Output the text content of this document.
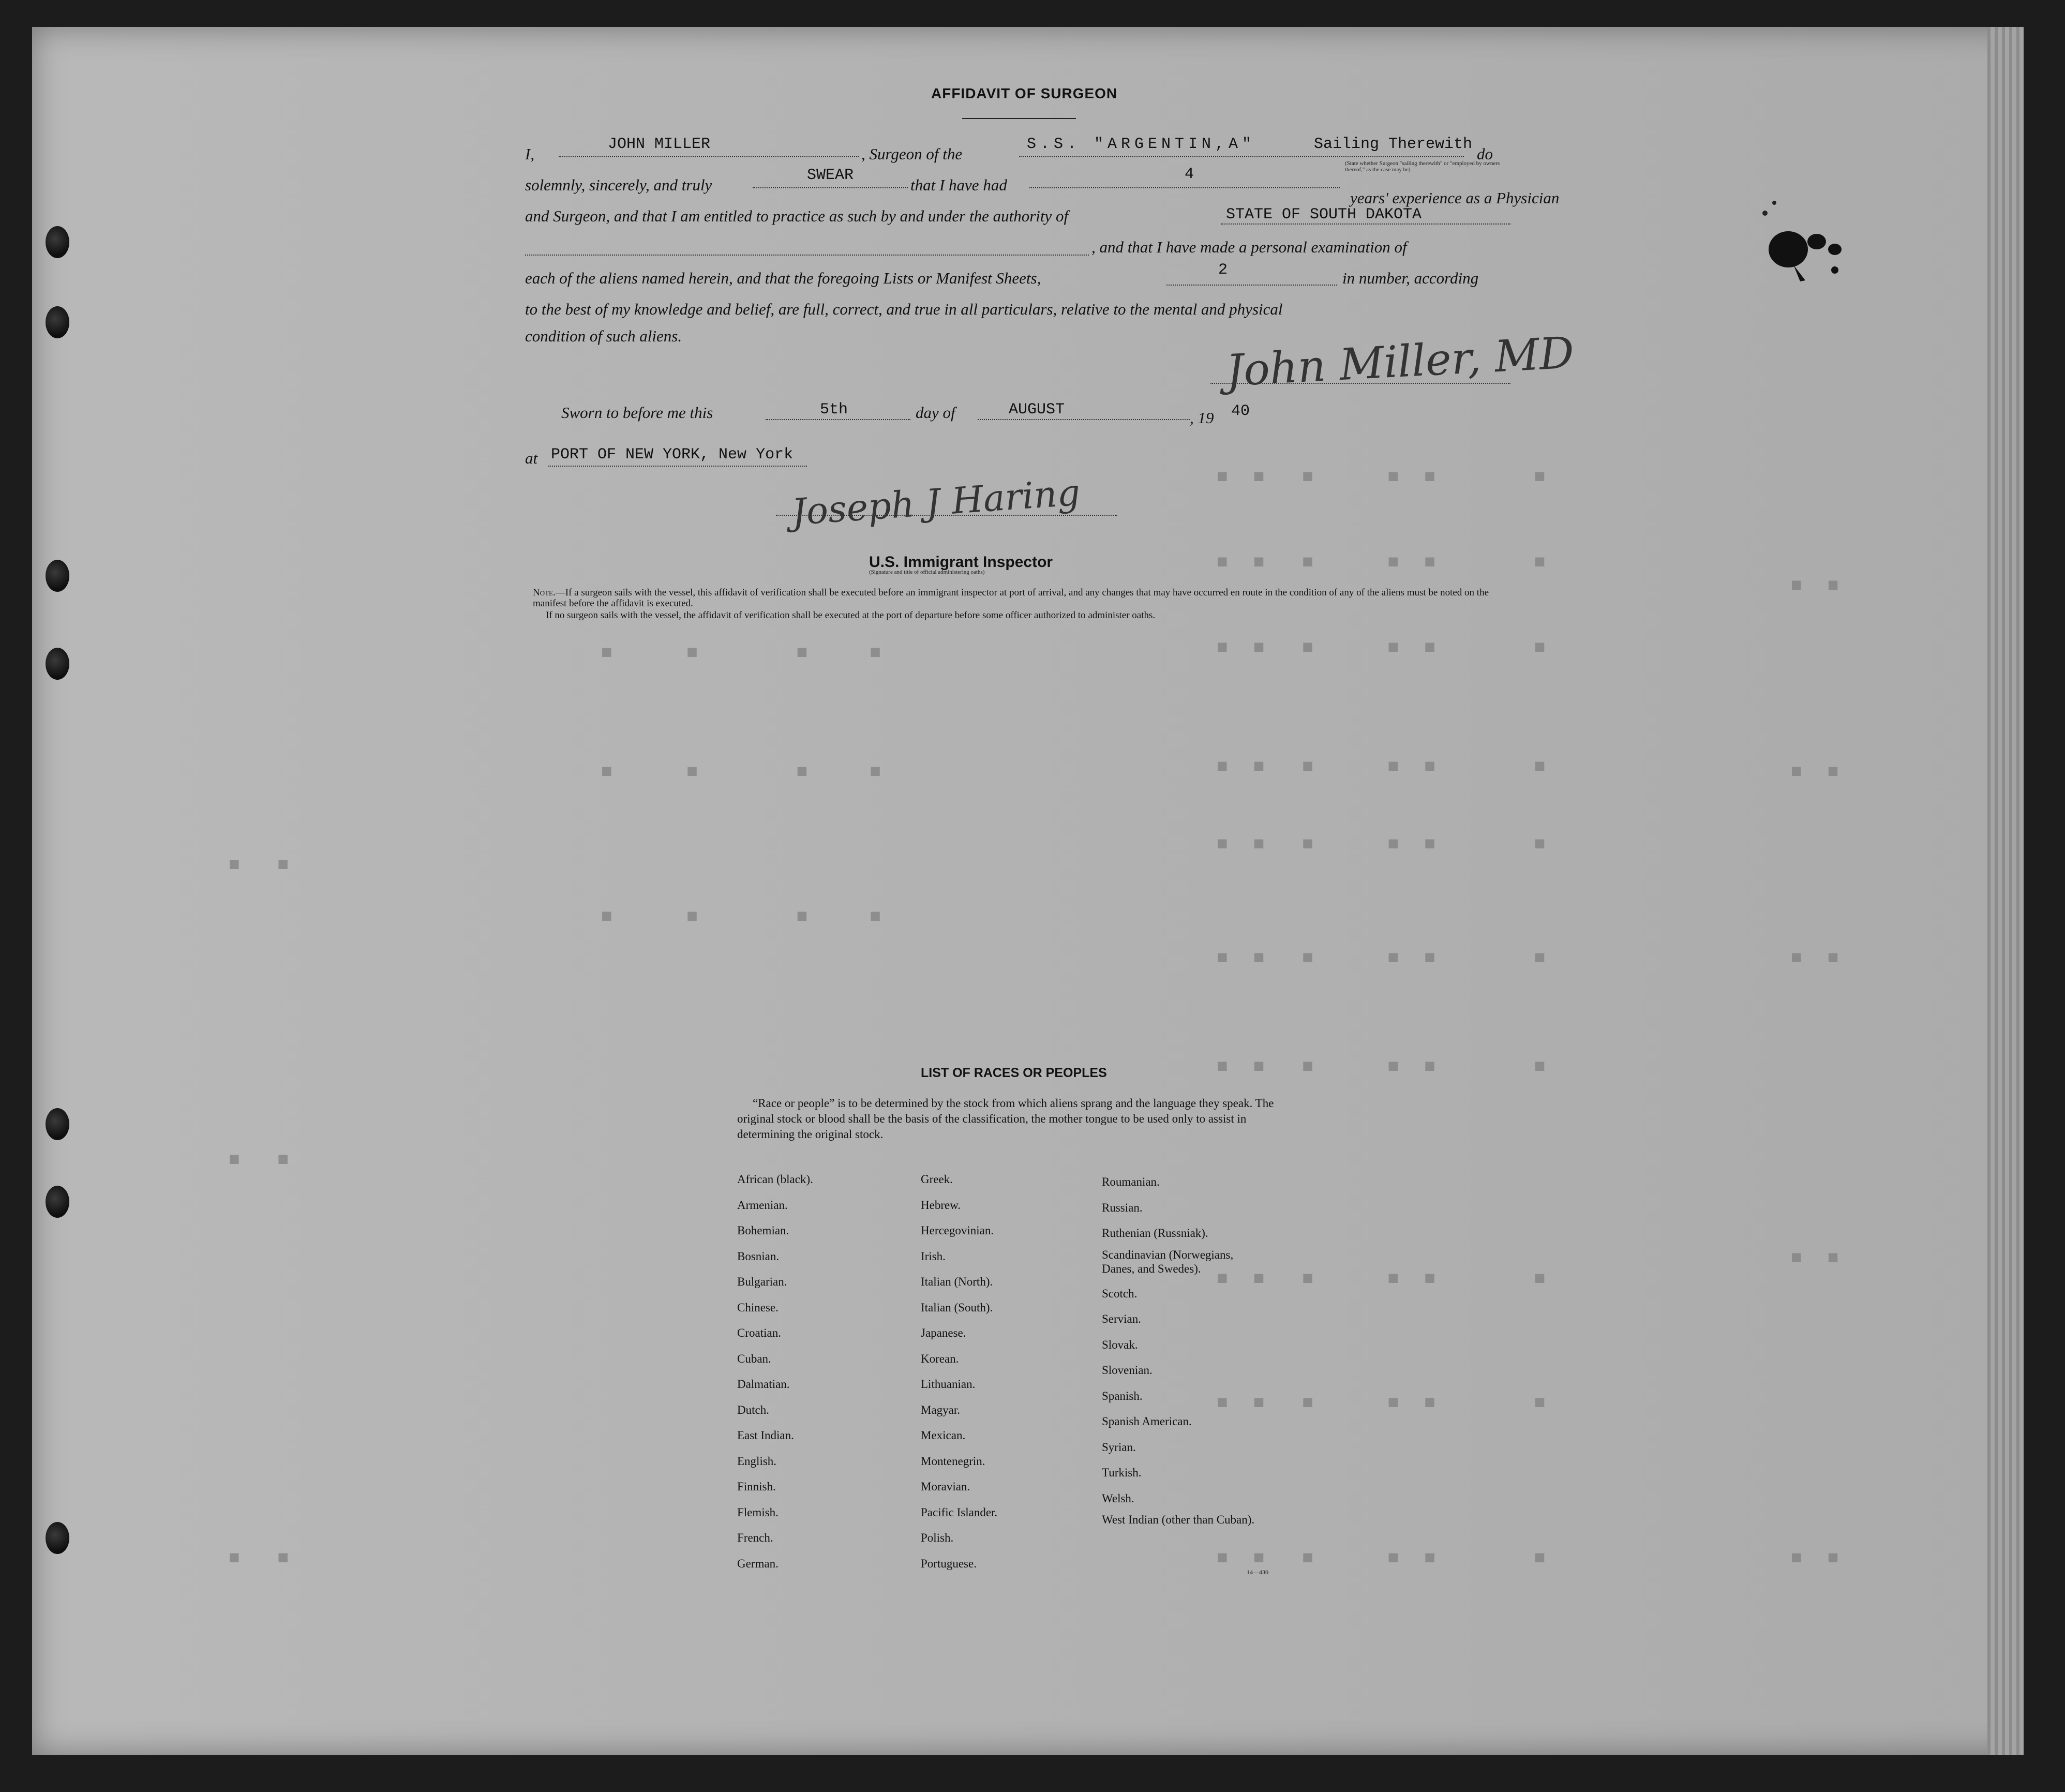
■  ■   ■      ■  ■        ■
■  ■   ■      ■  ■        ■
■  ■   ■      ■  ■        ■
■      ■        ■     ■
■  ■   ■      ■  ■        ■
■      ■        ■     ■
■  ■   ■      ■  ■        ■
■      ■        ■     ■
■  ■   ■      ■  ■        ■
■  ■   ■      ■  ■        ■
■  ■   ■      ■  ■        ■
■  ■   ■      ■  ■        ■
■  ■   ■      ■  ■        ■
■  ■
■  ■
■  ■
■  ■
■  ■
■   ■
■   ■
■   ■
AFFIDAVIT OF SURGEON
I,
JOHN MILLER
, Surgeon of the
S.S. "ARGENTIN,A"	Sailing Therewith
do
(State whether Surgeon "sailing therewith" or "employed by owners thereof," as the case may be)
solemnly, sincerely, and truly
SWEAR
that I have had
4
years' experience as a Physician
and Surgeon, and that I am entitled to practice as such by and under the authority of	STATE OF SOUTH DAKOTA
, and that I have made a personal examination of
each of the aliens named herein, and that the foregoing Lists or Manifest Sheets,	2	in number, according
to the best of my knowledge and belief, are full, correct, and true in all particulars, relative to the mental and physical
condition of such aliens.	John Miller, MD
Sworn to before me this	5th	day of	AUGUST	, 19 40
at PORT OF NEW YORK, New York
Joseph J Haring
U.S. Immigrant Inspector
(Signature and title of official administering oaths)

Note.—If a surgeon sails with the vessel, this affidavit of verification shall be executed before an immigrant inspector at port of arrival, and any changes that may have occurred en route in the condition of any of the aliens must be noted on the manifest before the affidavit is executed.

If no surgeon sails with the vessel, the affidavit of verification shall be executed at the port of departure before some officer authorized to administer oaths.

LIST OF RACES OR PEOPLES
“Race or people” is to be determined by the stock from which aliens sprang and the language they speak. The original stock or blood shall be the basis of the classification, the mother tongue to be used only to assist in determining the original stock.
African (black).
Armenian.
Bohemian.
Bosnian.
Bulgarian.
Chinese.
Croatian.
Cuban.
Dalmatian.
Dutch.
East Indian.
English.
Finnish.
Flemish.
French.
German.
Greek.
Hebrew.
Hercegovinian.
Irish.
Italian (North).
Italian (South).
Japanese.
Korean.
Lithuanian.
Magyar.
Mexican.
Montenegrin.
Moravian.
Pacific Islander.
Polish.
Portuguese.
Roumanian.
Russian.
Ruthenian (Russniak).
Scandinavian (Norwegians, Danes, and Swedes).
Scotch.
Servian.
Slovak.
Slovenian.
Spanish.
Spanish American.
Syrian.
Turkish.
Welsh.
West Indian (other than Cuban).
14—430
